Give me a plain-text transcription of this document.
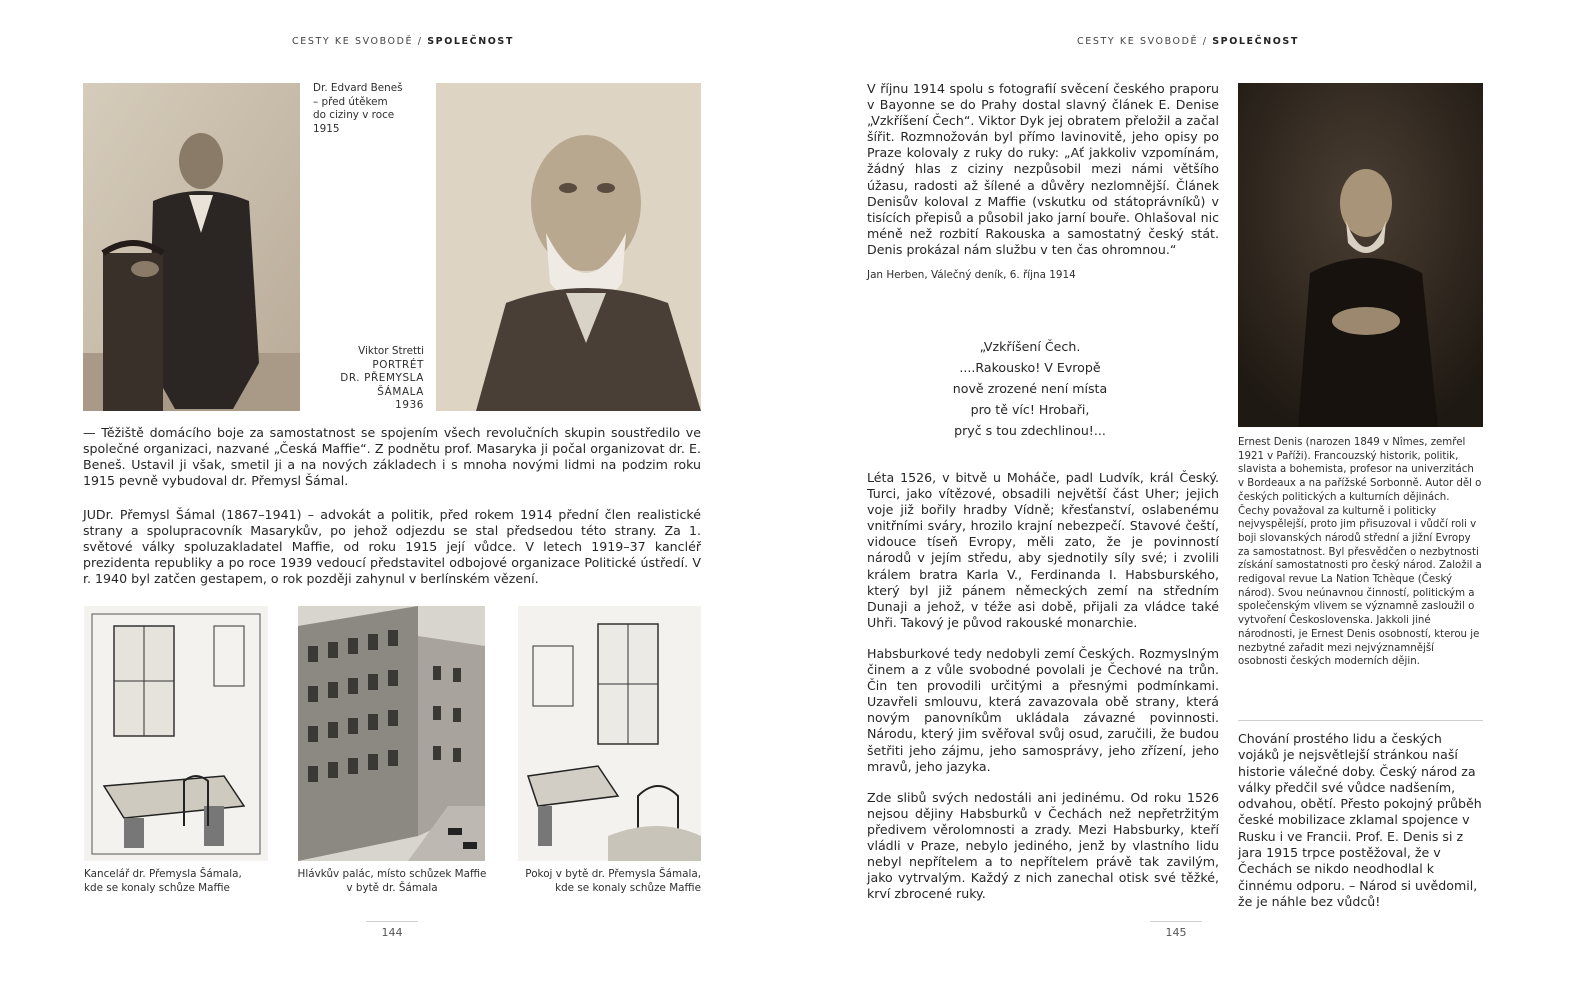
CESTY KE SVOBODĚ / SPOLEČNOST
Dr. Edvard Beneš
– před útěkem
do ciziny v roce
1915
Viktor Stretti
PORTRÉT
DR. PŘEMYSLA
ŠÁMALA
1936
— Těžiště domácího boje za samostatnost se spojením všech revolučních skupin soustředilo ve společné organizaci, nazvané „Česká Maffie“. Z podnětu prof. Masaryka ji počal organizovat dr. E. Beneš. Ustavil ji však, smetil ji a na nových základech i s mnoha novými lidmi na podzim roku 1915 pevně vybudoval dr. Přemysl Šámal.
JUDr. Přemysl Šámal (1867–1941) – advokát a politik, před rokem 1914 přední člen realistické strany a spolupracovník Masarykův, po jehož odjezdu se stal předsedou této strany. Za 1. světové války spoluzakladatel Maffie, od roku 1915 její vůdce. V letech 1919–37 kancléř prezidenta republiky a po roce 1939 vedoucí představitel odbojové organizace Politické ústředí. V r. 1940 byl zatčen gestapem, o rok později zahynul v berlínském vězení.
Kancelář dr. Přemysla Šámala,
kde se konaly schůze Maffie
Hlávkův palác, místo schůzek Maffie
v bytě dr. Šámala
Pokoj v bytě dr. Přemysla Šámala,
kde se konaly schůze Maffie
144
CESTY KE SVOBODĚ / SPOLEČNOST
V říjnu 1914 spolu s fotografií svěcení českého praporu v Bayonne se do Prahy dostal slavný článek E. Denise „Vzkříšení Čech“. Viktor Dyk jej obratem přeložil a začal šířit. Rozmnožován byl přímo lavinovitě, jeho opisy po Praze kolovaly z ruky do ruky: „Ať jakkoliv vzpomínám, žádný hlas z ciziny nezpůsobil mezi námi většího úžasu, radosti až šílené a důvěry nezlomnější. Článek Denisův koloval z Maffie (vskutku od státoprávníků) v tisících přepisů a působil jako jarní bouře. Ohlašoval nic méně než rozbití Rakouska a samostatný český stát. Denis prokázal nám službu v ten čas ohromnou.“
Jan Herben, Válečný deník, 6. října 1914
„Vzkříšení Čech.
....Rakousko! V Evropě
nově zrozené není místa
pro tě víc! Hrobaři,
pryč s tou zdechlinou!...
Léta 1526, v bitvě u Moháče, padl Ludvík, král Český. Turci, jako vítězové, obsadili největší část Uher; jejich voje již bořily hradby Vídně; křesťanství, oslabenému vnitřními sváry, hrozilo krajní nebezpečí. Stavové čeští, vidouce tíseň Evropy, měli zato, že je povinností národů v jejím středu, aby sjednotily síly své; i zvolili králem bratra Karla V., Ferdinanda I. Habsburského, který byl již pánem německých zemí na středním Dunaji a jehož, v téže asi době, přijali za vládce také Uhři. Takový je původ rakouské monarchie.
Habsburkové tedy nedobyli zemí Českých. Rozmyslným činem a z vůle svobodné povolali je Čechové na trůn. Čin ten provodili určitými a přesnými podmínkami. Uzavřeli smlouvu, která zavazovala obě strany, která novým panovníkům ukládala závazné povinnosti. Národu, který jim svěřoval svůj osud, zaručili, že budou šetřiti jeho zájmu, jeho samosprávy, jeho zřízení, jeho mravů, jeho jazyka.
Zde slibů svých nedostáli ani jedinému. Od roku 1526 nejsou dějiny Habsburků v Čechách než nepřetržitým předivem věrolomnosti a zrady. Mezi Habsburky, kteří vládli v Praze, nebylo jediného, jenž by vlastního lidu nebyl nepřítelem a to nepřítelem právě tak zavilým, jako vytrvalým. Každý z nich zanechal otisk své těžké, krví zbrocené ruky.
Ernest Denis (narozen 1849 v Nîmes, zemřel 1921 v Paříži). Francouzský historik, politik, slavista a bohemista, profesor na univerzitách v Bordeaux a na pařížské Sorbonně. Autor děl o českých politických a kulturních dějinách. Čechy považoval za kulturně i politicky nejvyspělejší, proto jim přisuzoval i vůdčí roli v boji slovanských národů střední a jižní Evropy za samostatnost. Byl přesvědčen o nezbytnosti získání samostatnosti pro český národ. Založil a redigoval revue La Nation Tchèque (Český národ). Svou neúnavnou činností, politickým a společenským vlivem se významně zasloužil o vytvoření Československa. Jakkoli jiné národnosti, je Ernest Denis osobností, kterou je nezbytné zařadit mezi nejvýznamnější osobnosti českých moderních dějin.
Chování prostého lidu a českých vojáků je nejsvětlejší stránkou naší historie válečné doby. Český národ za války předčil své vůdce nadšením, odvahou, obětí. Přesto pokojný průběh české mobilizace zklamal spojence v Rusku i ve Francii. Prof. E. Denis si z jara 1915 trpce postěžoval, že v Čechách se nikdo neodhodlal k činnému odporu. – Národ si uvědomil, že je náhle bez vůdců!
145
